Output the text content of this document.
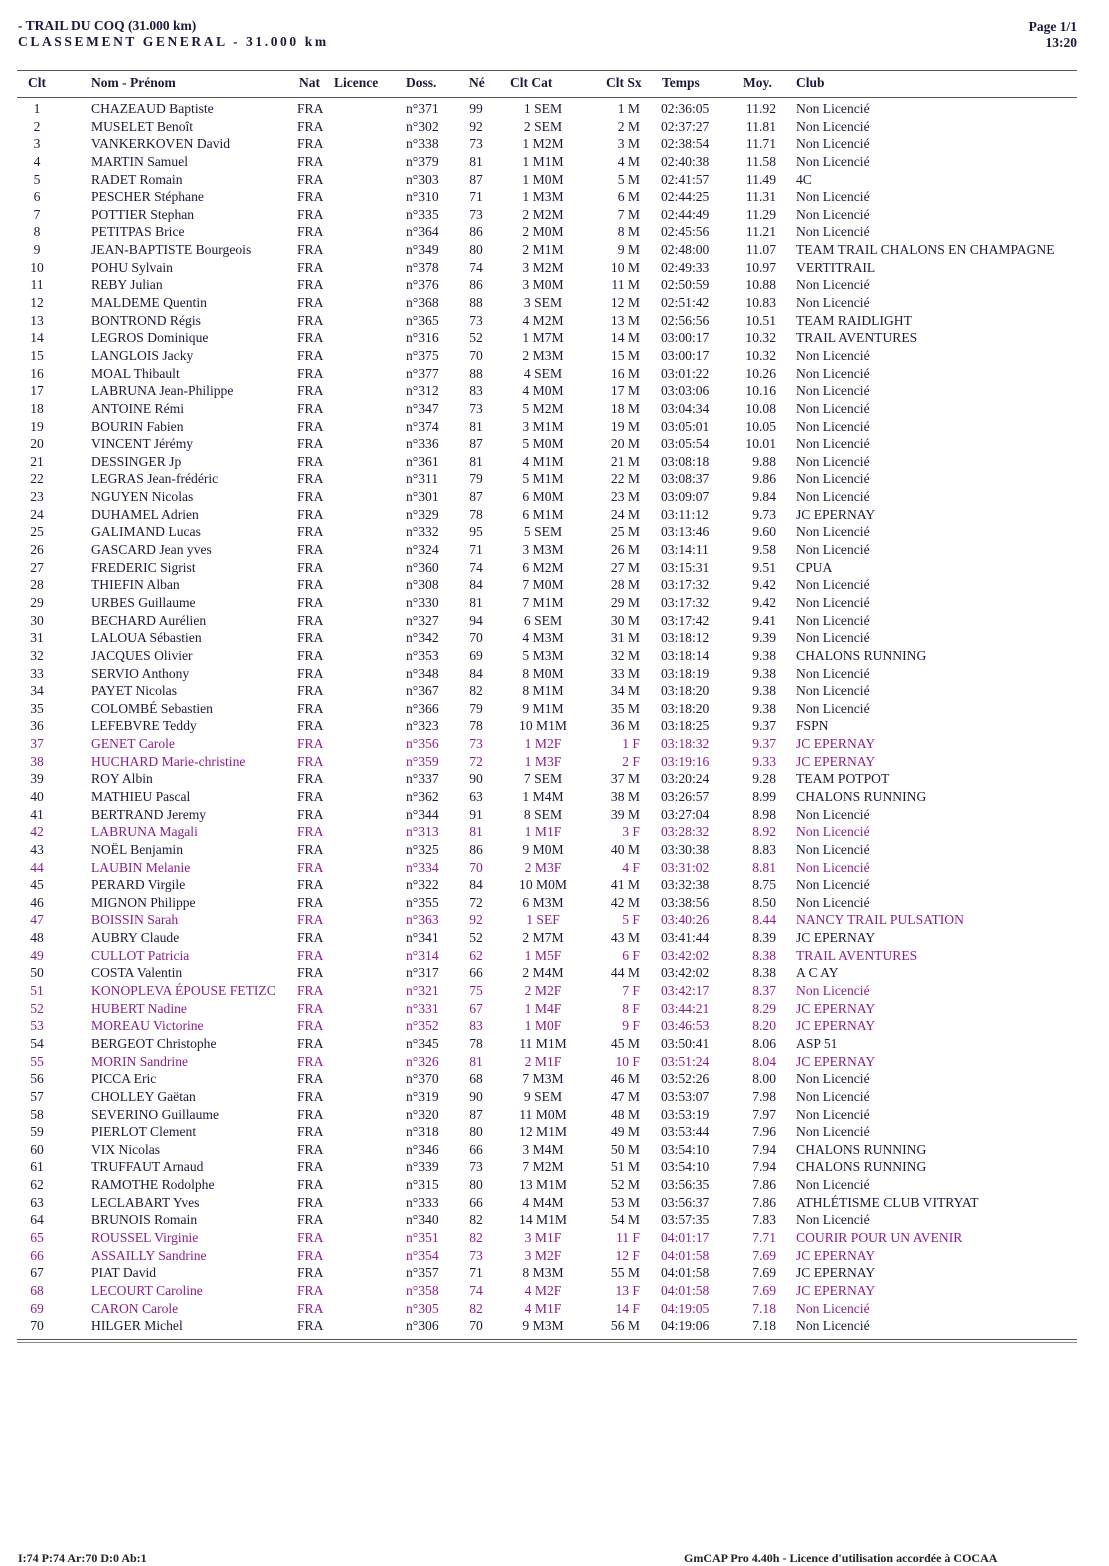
- TRAIL DU COQ (31.000 km)
CLASSEMENT GENERAL - 31.000 km
Page 1/1
13:20
Clt	Nom - Prénom	Nat Licence Doss. Né Clt Cat	Clt Sx Temps	Moy. Club
1	CHAZEAUD Baptiste	FRA	n°371	99	1 SEM	1 M 02:36:05	11.92 Non Licencié
2	MUSELET Benoît	FRA	n°302	92	2 SEM	2 M 02:37:27	11.81 Non Licencié
3	VANKERKOVEN David	FRA	n°338	73	1 M2M	3 M 02:38:54	11.71 Non Licencié
4	MARTIN Samuel	FRA	n°379	81	1 M1M	4 M 02:40:38	11.58 Non Licencié
5	RADET Romain	FRA	n°303	87	1 M0M	5 M 02:41:57	11.49 4C
6	PESCHER Stéphane	FRA	n°310	71	1 M3M	6 M 02:44:25	11.31 Non Licencié
7	POTTIER Stephan	FRA	n°335	73	2 M2M	7 M 02:44:49	11.29 Non Licencié
8	PETITPAS Brice	FRA	n°364	86	2 M0M	8 M 02:45:56	11.21 Non Licencié
9	JEAN-BAPTISTE Bourgeois	FRA	n°349	80	2 M1M	9 M 02:48:00	11.07 TEAM TRAIL CHALONS EN CHAMPAGNE
10	POHU Sylvain	FRA	n°378	74	3 M2M	10 M 02:49:33	10.97 VERTITRAIL
11	REBY Julian	FRA	n°376	86	3 M0M	11 M 02:50:59	10.88 Non Licencié
12	MALDEME Quentin	FRA	n°368	88	3 SEM	12 M 02:51:42	10.83 Non Licencié
13	BONTROND Régis	FRA	n°365	73	4 M2M	13 M 02:56:56	10.51 TEAM RAIDLIGHT
14	LEGROS Dominique	FRA	n°316	52	1 M7M	14 M 03:00:17	10.32 TRAIL AVENTURES
15	LANGLOIS Jacky	FRA	n°375	70	2 M3M	15 M 03:00:17	10.32 Non Licencié
16	MOAL Thibault	FRA	n°377	88	4 SEM	16 M 03:01:22	10.26 Non Licencié
17	LABRUNA Jean-Philippe	FRA	n°312	83	4 M0M	17 M 03:03:06	10.16 Non Licencié
18	ANTOINE Rémi	FRA	n°347	73	5 M2M	18 M 03:04:34	10.08 Non Licencié
19	BOURIN Fabien	FRA	n°374	81	3 M1M	19 M 03:05:01	10.05 Non Licencié
20	VINCENT Jérémy	FRA	n°336	87	5 M0M	20 M 03:05:54	10.01 Non Licencié
21	DESSINGER Jp	FRA	n°361	81	4 M1M	21 M 03:08:18	9.88 Non Licencié
22	LEGRAS Jean-frédéric	FRA	n°311	79	5 M1M	22 M 03:08:37	9.86 Non Licencié
23	NGUYEN Nicolas	FRA	n°301	87	6 M0M	23 M 03:09:07	9.84 Non Licencié
24	DUHAMEL Adrien	FRA	n°329	78	6 M1M	24 M 03:11:12	9.73 JC EPERNAY
25	GALIMAND Lucas	FRA	n°332	95	5 SEM	25 M 03:13:46	9.60 Non Licencié
26	GASCARD Jean yves	FRA	n°324	71	3 M3M	26 M 03:14:11	9.58 Non Licencié
27	FREDERIC Sigrist	FRA	n°360	74	6 M2M	27 M 03:15:31	9.51 CPUA
28	THIEFIN Alban	FRA	n°308	84	7 M0M	28 M 03:17:32	9.42 Non Licencié
29	URBES Guillaume	FRA	n°330	81	7 M1M	29 M 03:17:32	9.42 Non Licencié
30	BECHARD Aurélien	FRA	n°327	94	6 SEM	30 M 03:17:42	9.41 Non Licencié
31	LALOUA Sébastien	FRA	n°342	70	4 M3M	31 M 03:18:12	9.39 Non Licencié
32	JACQUES Olivier	FRA	n°353	69	5 M3M	32 M 03:18:14	9.38 CHALONS RUNNING
33	SERVIO Anthony	FRA	n°348	84	8 M0M	33 M 03:18:19	9.38 Non Licencié
34	PAYET Nicolas	FRA	n°367	82	8 M1M	34 M 03:18:20	9.38 Non Licencié
35	COLOMBÉ Sebastien	FRA	n°366	79	9 M1M	35 M 03:18:20	9.38 Non Licencié
36	LEFEBVRE Teddy	FRA	n°323	78	10 M1M	36 M 03:18:25	9.37 FSPN
37	GENET Carole	FRA	n°356	73	1 M2F	1 F 03:18:32	9.37 JC EPERNAY
38	HUCHARD Marie-christine	FRA	n°359	72	1 M3F	2 F 03:19:16	9.33 JC EPERNAY
39	ROY Albin	FRA	n°337	90	7 SEM	37 M 03:20:24	9.28 TEAM POTPOT
40	MATHIEU Pascal	FRA	n°362	63	1 M4M	38 M 03:26:57	8.99 CHALONS RUNNING
41	BERTRAND Jeremy	FRA	n°344	91	8 SEM	39 M 03:27:04	8.98 Non Licencié
42	LABRUNA Magali	FRA	n°313	81	1 M1F	3 F 03:28:32	8.92 Non Licencié
43	NOËL Benjamin	FRA	n°325	86	9 M0M	40 M 03:30:38	8.83 Non Licencié
44	LAUBIN Melanie	FRA	n°334	70	2 M3F	4 F 03:31:02	8.81 Non Licencié
45	PERARD Virgile	FRA	n°322	84	10 M0M	41 M 03:32:38	8.75 Non Licencié
46	MIGNON Philippe	FRA	n°355	72	6 M3M	42 M 03:38:56	8.50 Non Licencié
47	BOISSIN Sarah	FRA	n°363	92	1 SEF	5 F 03:40:26	8.44 NANCY TRAIL PULSATION
48	AUBRY Claude	FRA	n°341	52	2 M7M	43 M 03:41:44	8.39 JC EPERNAY
49	CULLOT Patricia	FRA	n°314	62	1 M5F	6 F 03:42:02	8.38 TRAIL AVENTURES
50	COSTA Valentin	FRA	n°317	66	2 M4M	44 M 03:42:02	8.38 A C AY
51	KONOPLEVA ÉPOUSE FETIZC	FRA	n°321	75	2 M2F	7 F 03:42:17	8.37 Non Licencié
52	HUBERT Nadine	FRA	n°331	67	1 M4F	8 F 03:44:21	8.29 JC EPERNAY
53	MOREAU Victorine	FRA	n°352	83	1 M0F	9 F 03:46:53	8.20 JC EPERNAY
54	BERGEOT Christophe	FRA	n°345	78	11 M1M	45 M 03:50:41	8.06 ASP 51
55	MORIN Sandrine	FRA	n°326	81	2 M1F	10 F 03:51:24	8.04 JC EPERNAY
56	PICCA Eric	FRA	n°370	68	7 M3M	46 M 03:52:26	8.00 Non Licencié
57	CHOLLEY Gaëtan	FRA	n°319	90	9 SEM	47 M 03:53:07	7.98 Non Licencié
58	SEVERINO Guillaume	FRA	n°320	87	11 M0M	48 M 03:53:19	7.97 Non Licencié
59	PIERLOT Clement	FRA	n°318	80	12 M1M	49 M 03:53:44	7.96 Non Licencié
60	VIX Nicolas	FRA	n°346	66	3 M4M	50 M 03:54:10	7.94 CHALONS RUNNING
61	TRUFFAUT Arnaud	FRA	n°339	73	7 M2M	51 M 03:54:10	7.94 CHALONS RUNNING
62	RAMOTHE Rodolphe	FRA	n°315	80	13 M1M	52 M 03:56:35	7.86 Non Licencié
63	LECLABART Yves	FRA	n°333	66	4 M4M	53 M 03:56:37	7.86 ATHLÉTISME CLUB VITRYAT
64	BRUNOIS Romain	FRA	n°340	82	14 M1M	54 M 03:57:35	7.83 Non Licencié
65	ROUSSEL Virginie	FRA	n°351	82	3 M1F	11 F 04:01:17	7.71 COURIR POUR UN AVENIR
66	ASSAILLY Sandrine	FRA	n°354	73	3 M2F	12 F 04:01:58	7.69 JC EPERNAY
67	PIAT David	FRA	n°357	71	8 M3M	55 M 04:01:58	7.69 JC EPERNAY
68	LECOURT Caroline	FRA	n°358	74	4 M2F	13 F 04:01:58	7.69 JC EPERNAY
69	CARON Carole	FRA	n°305	82	4 M1F	14 F 04:19:05	7.18 Non Licencié
70	HILGER Michel	FRA	n°306	70	9 M3M	56 M 04:19:06	7.18 Non Licencié
I:74 P:74 Ar:70 D:0 Ab:1	GmCAP Pro 4.40h - Licence d'utilisation accordée à COCAA
